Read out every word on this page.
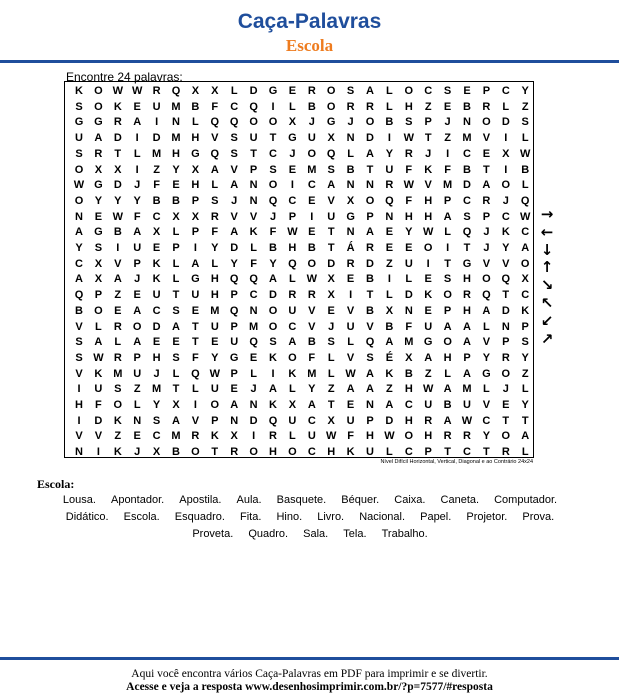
Caça-Palavras
Escola
Encontre 24 palavras:
K	O W W R	Q	X	X	L	D	G	E	R	O	S	A	L	O	C	S	E	P	C	Y
S	O	K	E	U M B	F	C	Q	I	L	B	O	R	R	L	H	Z	E	B	R	L	Z
G G	R	A	I	N	L	Q Q O O	X	J	G	J	O	B	S	P	J	N	O	D	S
U	A	D	I	D M H	V	S	U	T	G	U	X	N	D	I	W T	Z	M	V	I	L
S	R	T	L	M H	G Q	S	T	C	J	O Q	L	A	Y	R	J	I	C	E	X W
O	X	X	I	Z	Y	X	A	V	P	S	E	M	S	B	T	U	F	K	F	B	T	I	B
W G	D	J	F	E	H	L	A	N	O	I	C	A	N	N	R W V	M D	A	O	L
O	Y	Y	Y	B	B	P	S	J	N	Q	C	E	V	X	O Q	F	H	P	C	R	J	Q
N	E W F	C	X	X	R	V	V	J	P	I	U	G	P	N	H	H	A	S	P	C W
A	G	B	A	X	L	P	F	A	K	F W E	T	N	A	E	Y W L	Q	J	K	C
Y	S	I	U	E	P	I	Y	D	L	B	H	B	T	Á	R	E	E	O	I	T	J	Y	A
C	X	V	P	K	L	A	L	Y	F	Y	Q O	D	R	D	Z	U	I	T	G	V	V	O
A	X	A	J	K	L	G	H	Q Q	A	L W X	E	B	I	L	E	S	H	O Q	X
Q	P	Z	E	U	T	U	H	P	C	D	R	R	X	I	T	L	D	K	O	R	Q	T	C
B	O	E	A	C	S	E	M Q	N	O	U	V	E	V	B	X	N	E	P	H	A	D	K
V	L	R	O	D	A	T	U	P	M O	C	V	J	U	V	B	F	U	A	A	L	N	P
S	A	L	A	E	E	T	E	U	Q	S	A	B	S	L	Q	A M G O	A	V	P	S
S W R	P	H	S	F	Y	G	E	K	O	F	L	V	S	É	X	A	H	P	Y	R	Y
V	K M U	J	L	Q W P	L	I	K M	L W A	K	B	Z	L	A	G O	Z
I	U	S	Z	M	T	L	U	E	J	A	L	Y	Z	A	A	Z	H W A M	L	J	L
H	F	O	L	Y	X	I	O	A	N	K	X	A	T	E	N	A	C	U	B	U	V	E	Y
I	D	K	N	S	A	V	P	N	D	Q	U	C	X	U	P	D	H	R	A W C	T	T
V	V	Z	E	C M R	K	X	I	R	L	U W F	H W O	H	R	R	Y	O	A
N	I	K	J	X	B	O	T	R	O	H	O	C	H	K	U	L	C	P	T	C	T	R	L
Nível Difícil Horizontal, Vertical, Diagonal e ao Contrário 24x24
→
←
↓
↑
↘
↖
↙
↗
Escola:
Lousa. Apontador. Apostila. Aula. Basquete. Béquer. Caixa. Caneta. Computador. Didático. Escola. Esquadro. Fita. Hino. Livro. Nacional. Papel. Projetor. Prova. Proveta. Quadro. Sala. Tela. Trabalho.
Aqui você encontra vários Caça-Palavras em PDF para imprimir e se divertir.
Acesse e veja a resposta www.desenhosimprimir.com.br/?p=7577/#resposta
